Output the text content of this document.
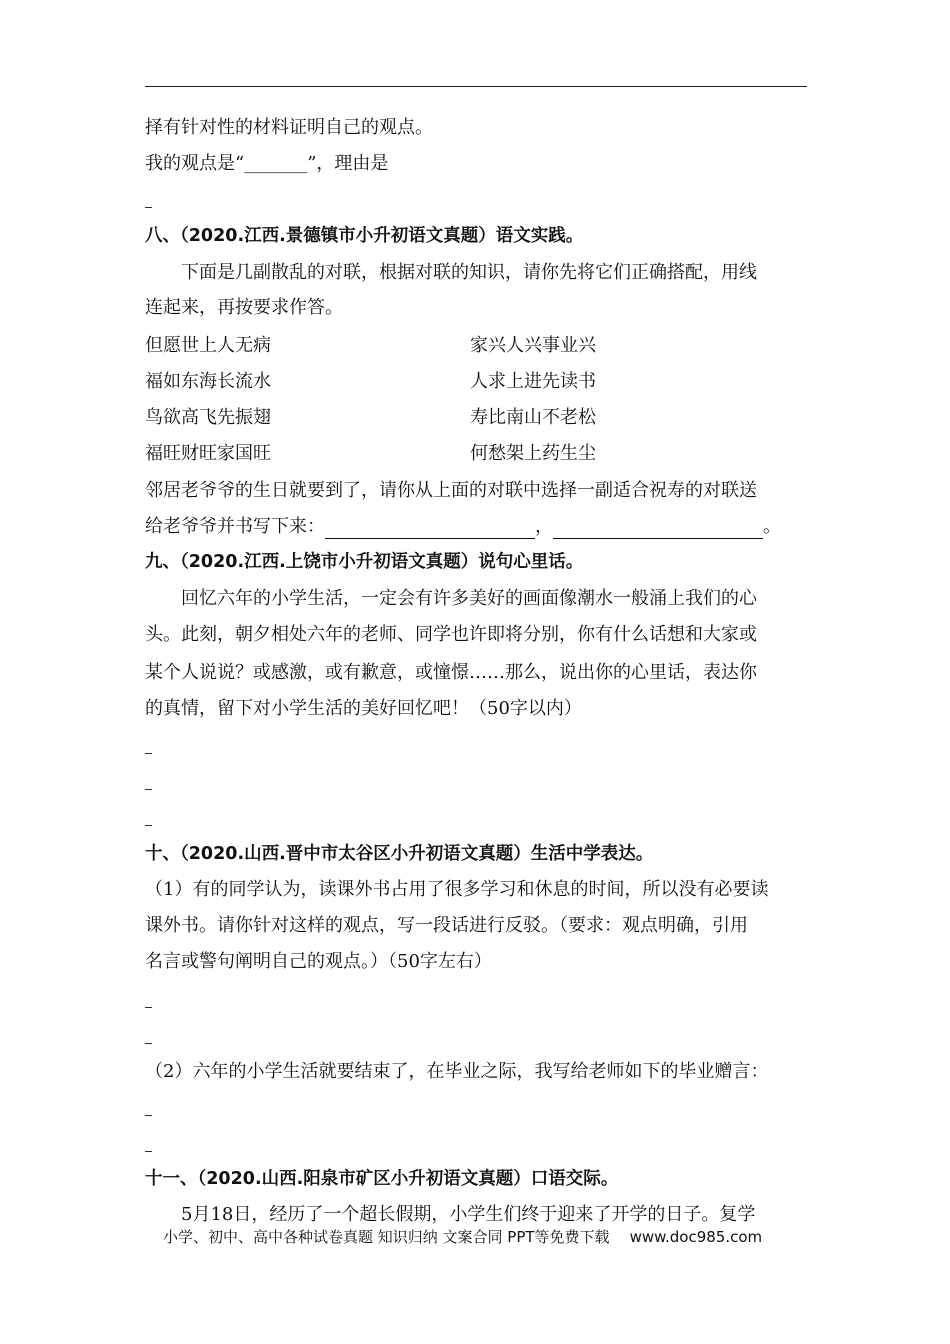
择有针对性的材料证明自己的观点。
我的观点是“_______”，理由是
八、（2020.江西.景德镇市小升初语文真题）语文实践。
下面是几副散乱的对联，根据对联的知识，请你先将它们正确搭配，用线
连起来，再按要求作答。
但愿世上人无病	家兴人兴事业兴
福如东海长流水	人求上进先读书
鸟欲高飞先振翅	寿比南山不老松
福旺财旺家国旺	何愁架上药生尘
邻居老爷爷的生日就要到了，请你从上面的对联中选择一副适合祝寿的对联送
给老爷爷并书写下来：	，	。
九、（2020.江西.上饶市小升初语文真题）说句心里话。
回忆六年的小学生活，一定会有许多美好的画面像潮水一般涌上我们的心
头。此刻，朝夕相处六年的老师、同学也许即将分别，你有什么话想和大家或
某个人说说？或感激，或有歉意，或憧憬……那么，说出你的心里话，表达你
的真情，留下对小学生活的美好回忆吧！（50字以内）
十、（2020.山西.晋中市太谷区小升初语文真题）生活中学表达。
（1）有的同学认为，读课外书占用了很多学习和休息的时间，所以没有必要读
课外书。请你针对这样的观点，写一段话进行反驳。（要求：观点明确，引用
名言或警句阐明自己的观点。）（50字左右）
（2）六年的小学生活就要结束了，在毕业之际，我写给老师如下的毕业赠言：
十一、（2020.山西.阳泉市矿区小升初语文真题）口语交际。
5月18日，经历了一个超长假期，小学生们终于迎来了开学的日子。复学
小学、初中、高中各种试卷真题 知识归纳 文案合同 PPT等免费下载 www.doc985.com
